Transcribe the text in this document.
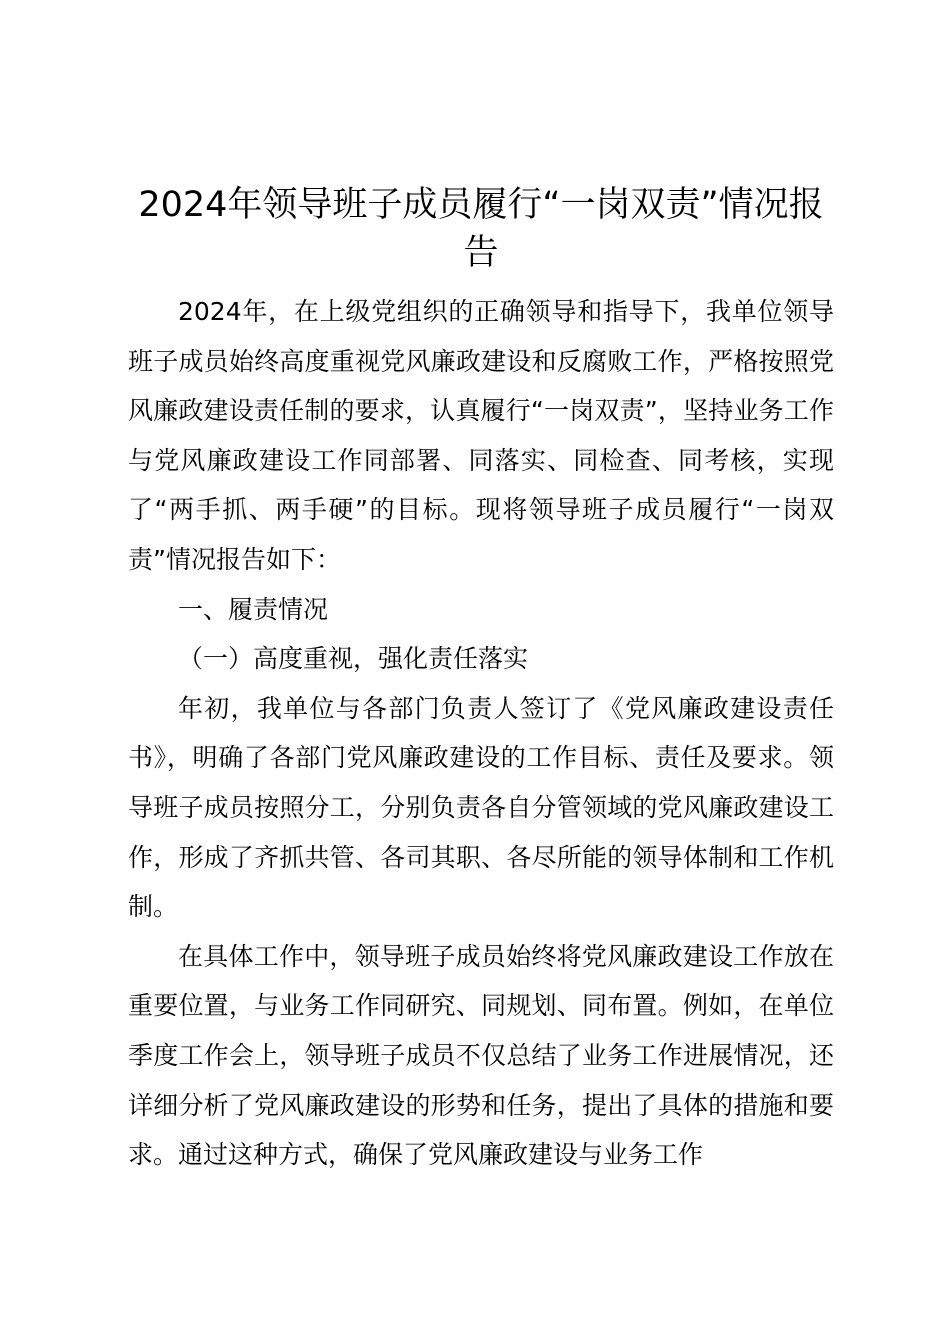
2024年领导班子成员履行“一岗双责”情况报告

2024年，在上级党组织的正确领导和指导下，我单位领导班子成员始终高度重视党风廉政建设和反腐败工作，严格按照党风廉政建设责任制的要求，认真履行“一岗双责”，坚持业务工作与党风廉政建设工作同部署、同落实、同检查、同考核，实现了“两手抓、两手硬”的目标。现将领导班子成员履行“一岗双责”情况报告如下：

一、履责情况

（一）高度重视，强化责任落实

年初，我单位与各部门负责人签订了《党风廉政建设责任书》，明确了各部门党风廉政建设的工作目标、责任及要求。领导班子成员按照分工，分别负责各自分管领域的党风廉政建设工作，形成了齐抓共管、各司其职、各尽所能的领导体制和工作机制。

在具体工作中，领导班子成员始终将党风廉政建设工作放在重要位置，与业务工作同研究、同规划、同布置。例如，在单位季度工作会上，领导班子成员不仅总结了业务工作进展情况，还详细分析了党风廉政建设的形势和任务，提出了具体的措施和要求。通过这种方式，确保了党风廉政建设与业务工作
